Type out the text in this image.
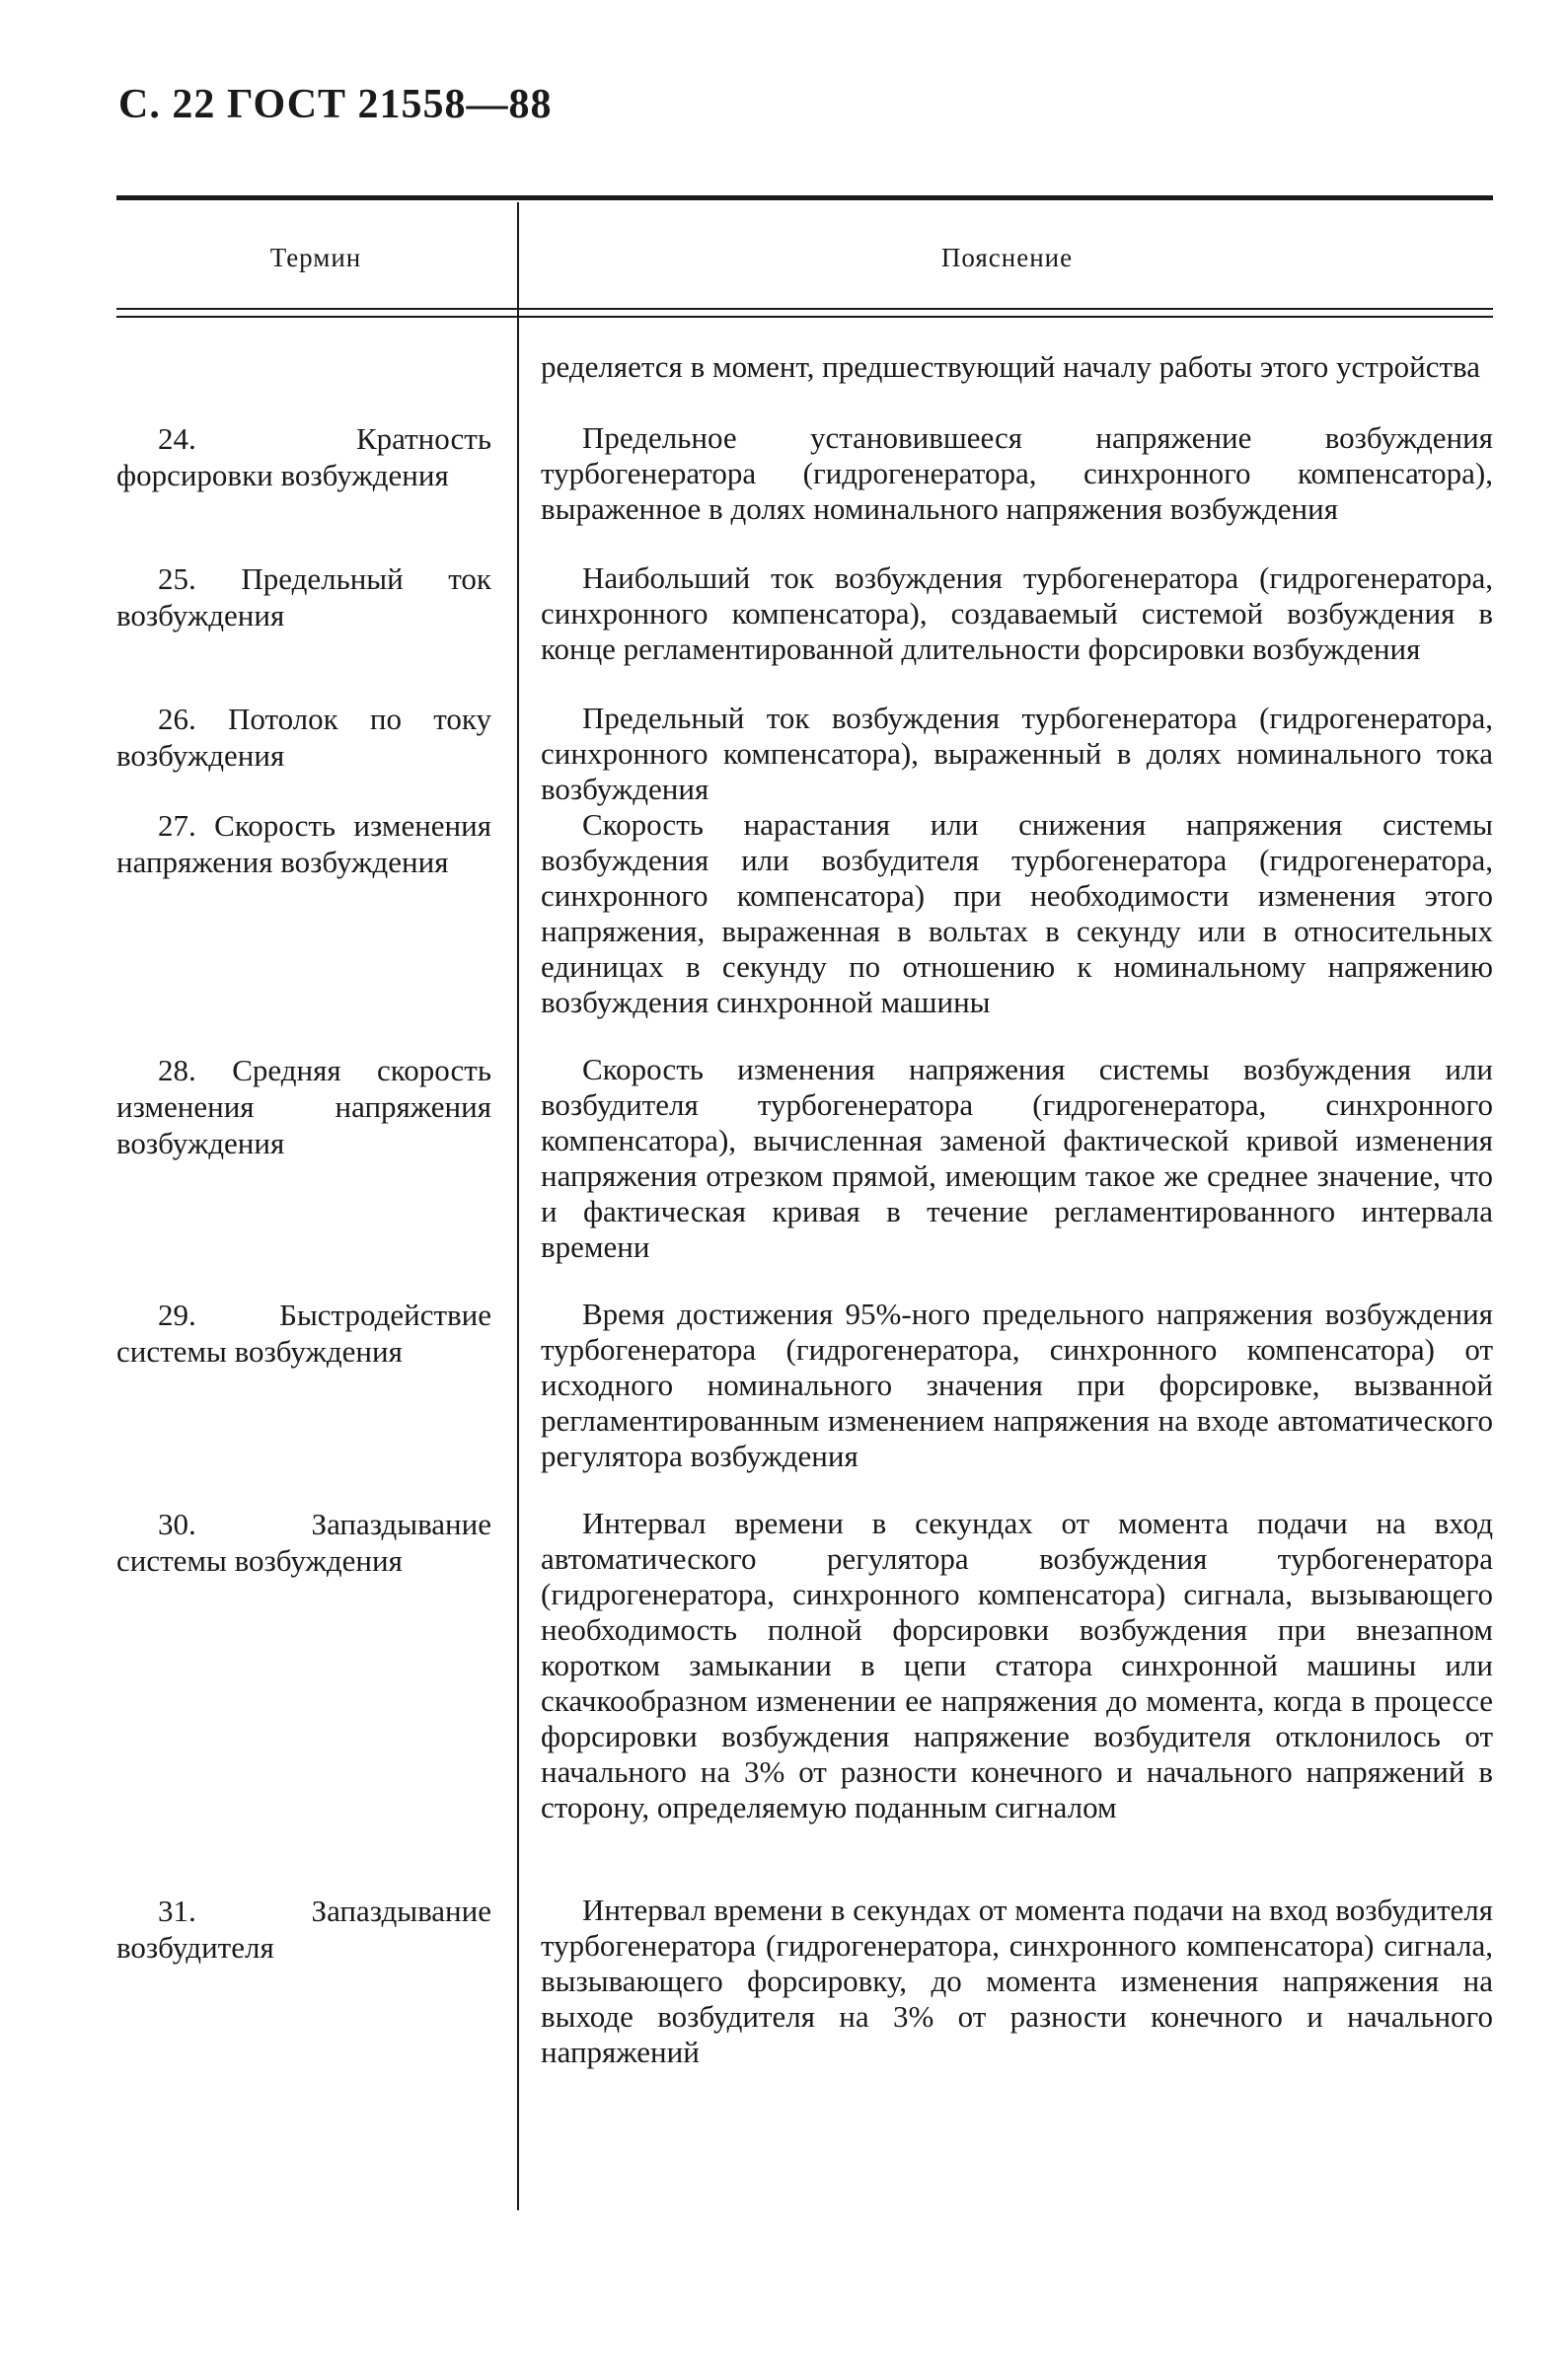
С. 22 ГОСТ 21558—88
Термин	Пояснение
ределяется в момент, предшествующий началу работы этого устройства
24. Кратность форсировки возбуждения
Предельное установившееся напряжение возбуждения турбогенератора (гидрогенератора, синхронного компенсатора), выраженное в долях номинального напряжения возбуждения
25. Предельный ток возбуждения
Наибольший ток возбуждения турбогенератора (гидрогенератора, синхронного компенсатора), создаваемый системой возбуждения в конце регламентированной длительности форсировки возбуждения
26. Потолок по току возбуждения
Предельный ток возбуждения турбогенератора (гидрогенератора, синхронного компенсатора), выраженный в долях номинального тока возбуждения
27. Скорость изменения напряжения возбуждения
Скорость нарастания или снижения напряжения системы возбуждения или возбудителя турбогенератора (гидрогенератора, синхронного компенсатора) при необходимости изменения этого напряжения, выраженная в вольтах в секунду или в относительных единицах в секунду по отношению к номинальному напряжению возбуждения синхронной машины
28. Средняя скорость изменения напряжения возбуждения
Скорость изменения напряжения системы возбуждения или возбудителя турбогенератора (гидрогенератора, синхронного компенсатора), вычисленная заменой фактической кривой изменения напряжения отрезком прямой, имеющим такое же среднее значение, что и фактическая кривая в течение регламентированного интервала времени
29. Быстродействие системы возбуждения
Время достижения 95%-ного предельного напряжения возбуждения турбогенератора (гидрогенератора, синхронного компенсатора) от исходного номинального значения при форсировке, вызванной регламентированным изменением напряжения на входе автоматического регулятора возбуждения
30. Запаздывание системы возбуждения
Интервал времени в секундах от момента подачи на вход автоматического регулятора возбуждения турбогенератора (гидрогенератора, синхронного компенсатора) сигнала, вызывающего необходимость полной форсировки возбуждения при внезапном коротком замыкании в цепи статора синхронной машины или скачкообразном изменении ее напряжения до момента, когда в процессе форсировки возбуждения напряжение возбудителя отклонилось от начального на 3% от разности конечного и начального напряжений в сторону, определяемую поданным сигналом
31. Запаздывание возбудителя
Интервал времени в секундах от момента подачи на вход возбудителя турбогенератора (гидрогенератора, синхронного компенсатора) сигнала, вызывающего форсировку, до момента изменения напряжения на выходе возбудителя на 3% от разности конечного и начального напряжений
